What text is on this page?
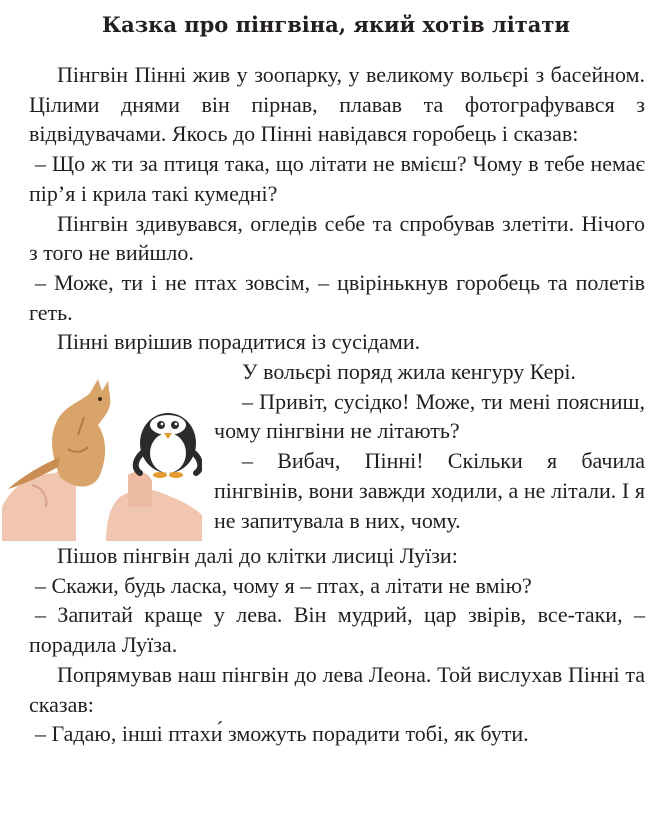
Казка про пінгвіна, який хотів літати

Пінгвін Пінні жив у зоопарку, у великому вольєрі з басейном. Цілими днями він пірнав, плавав та фотографувався з відвідувачами. Якось до Пінні навідався горобець і сказав:

– Що ж ти за птиця така, що літати не вмієш? Чому в тебе немає пір’я і крила такі кумедні?

Пінгвін здивувався, огледів себе та спробував злетіти. Нічого з того не вийшло.

– Може, ти і не птах зовсім, – цвірінькнув горобець та полетів геть.

Пінні вирішив порадитися із сусідами.

У вольєрі поряд жила кенгуру Кері.

– Привіт, сусідко! Може, ти мені поясниш, чому пінгвіни не літають?

– Вибач, Пінні! Скільки я бачила пінгвінів, вони завжди ходили, а не літали. І я не запитувала в них, чому.

Пішов пінгвін далі до клітки лисиці Луїзи:

– Скажи, будь ласка, чому я – птах, а літати не вмію?

– Запитай краще у лева. Він мудрий, цар звірів, все-таки, – порадила Луїза.

Попрямував наш пінгвін до лева Леона. Той вислухав Пінні та сказав:

– Гадаю, інші птахи́ зможуть порадити тобі, як бути.
